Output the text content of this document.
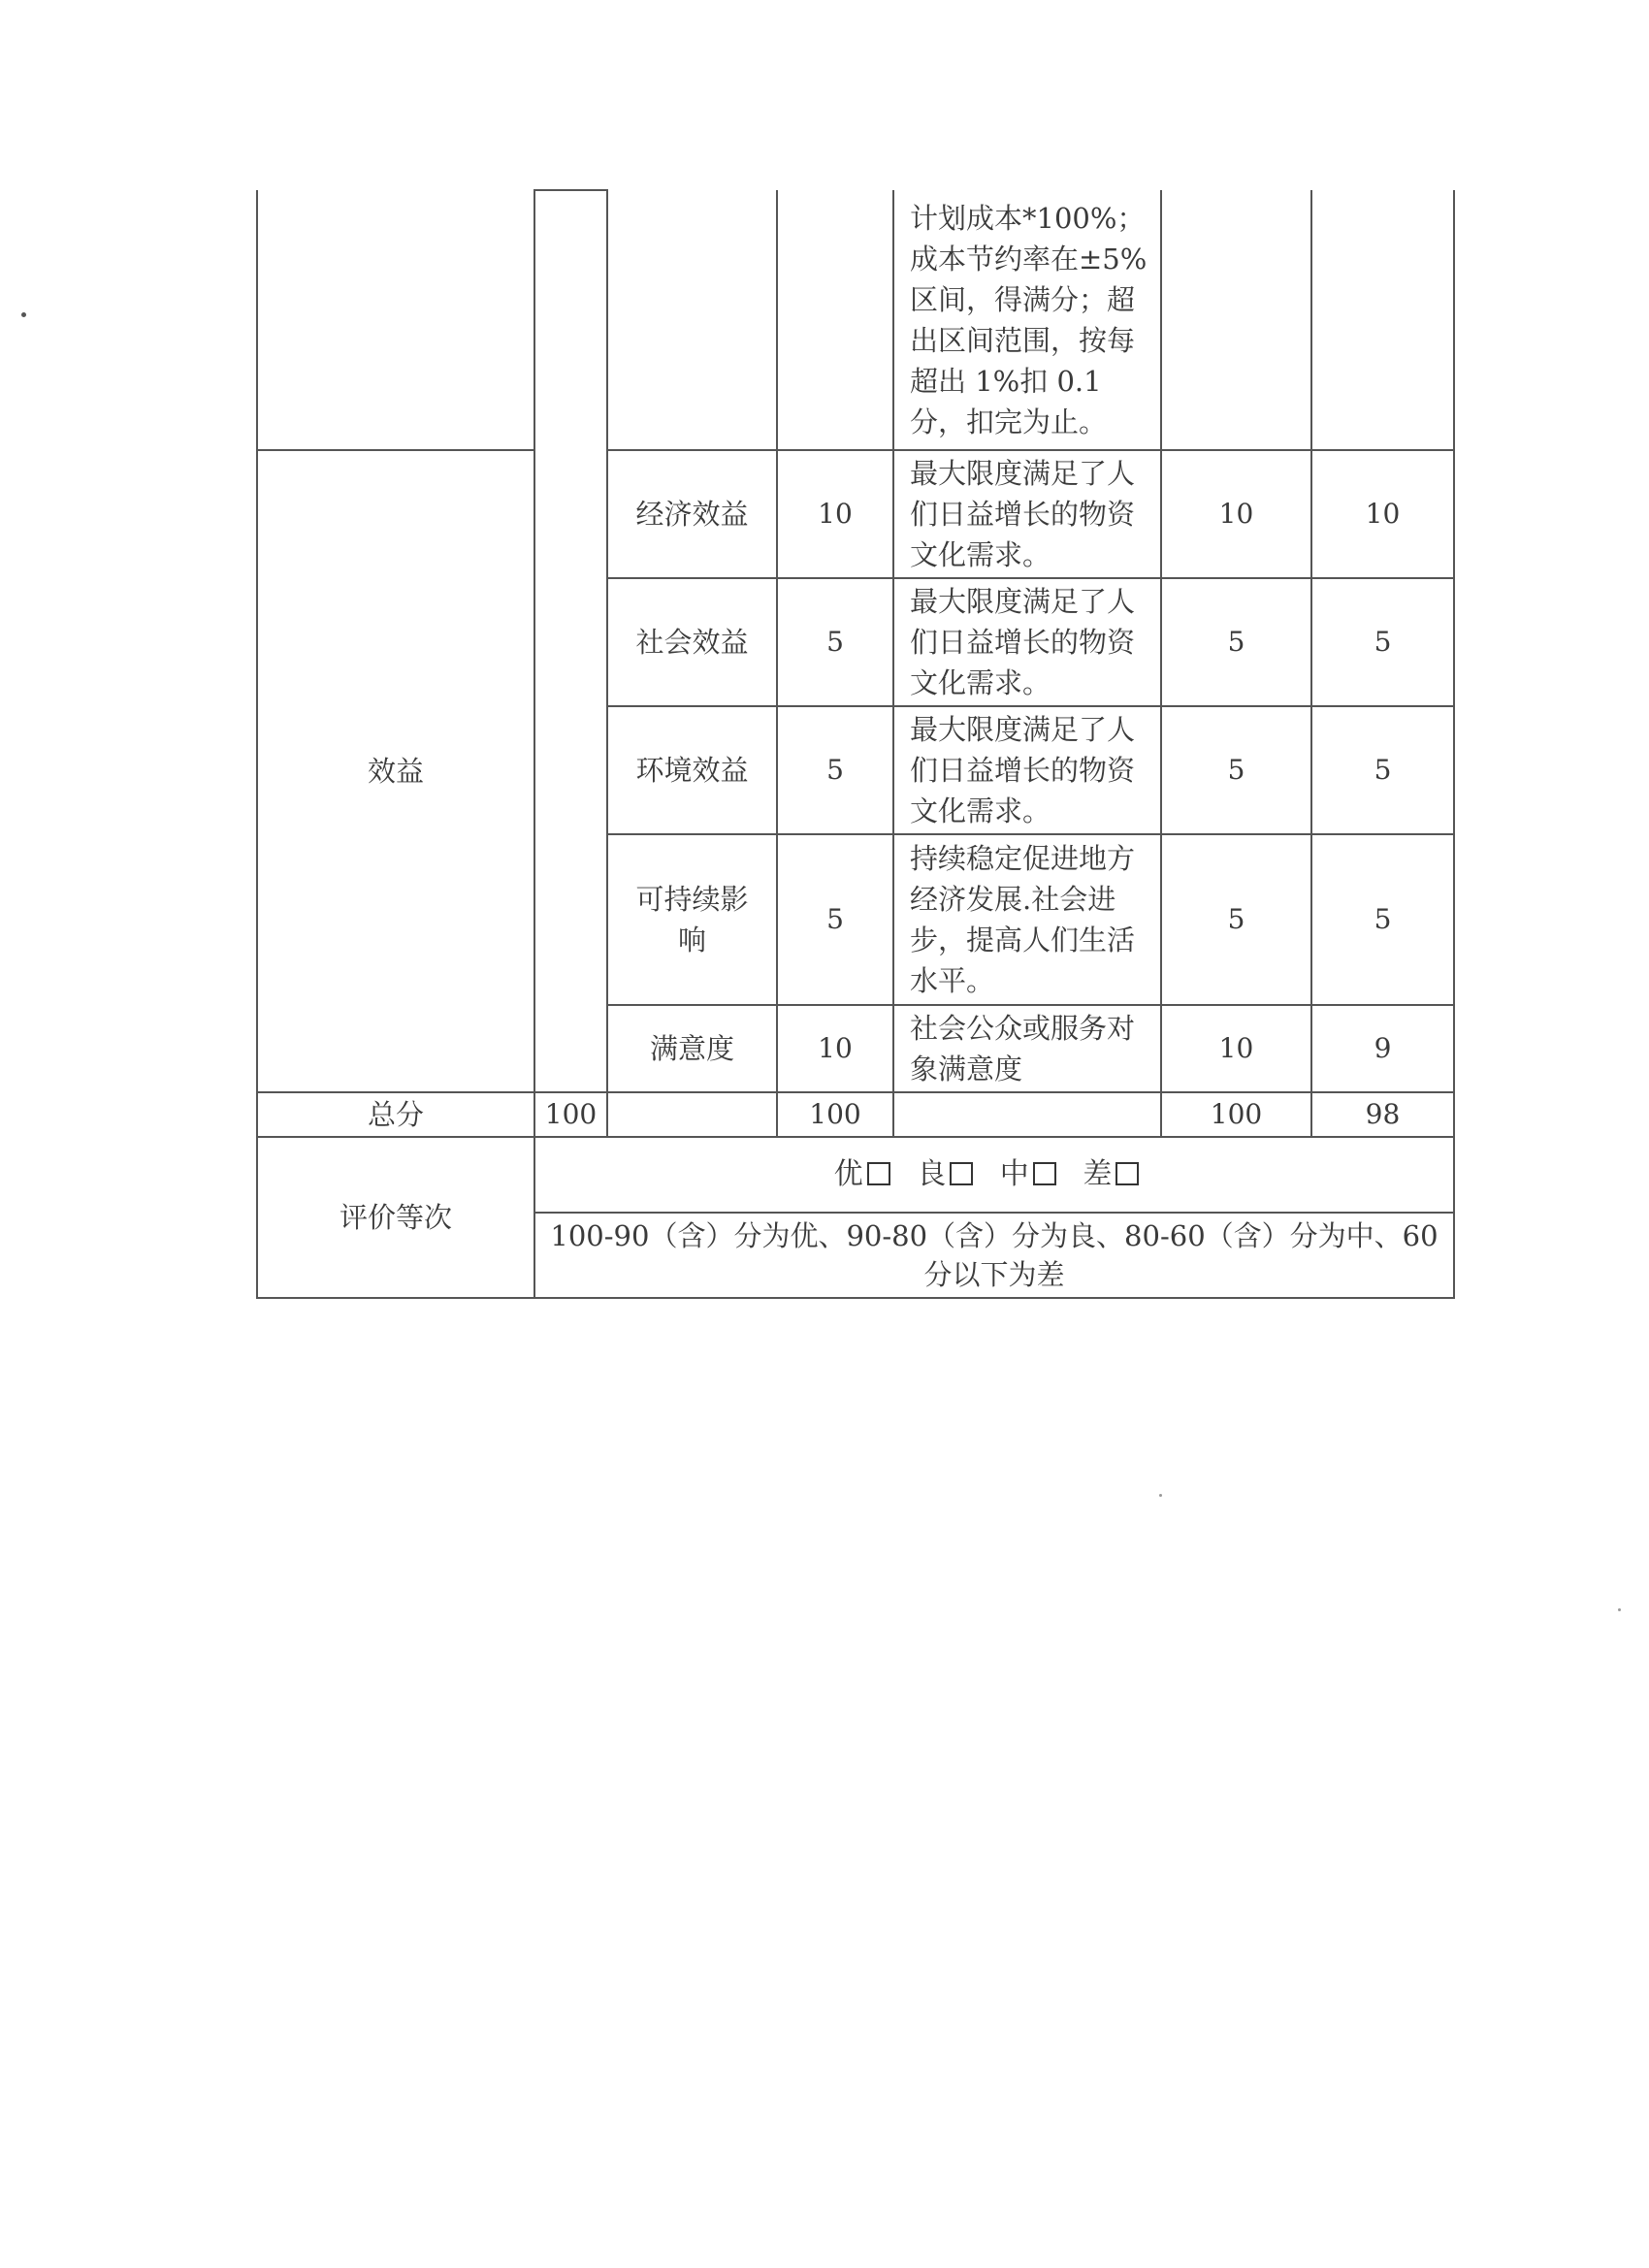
				计划成本*100%；成本节约率在±5%区间，得满分；超出区间范围，按每超出 1%扣 0.1 分，扣完为止。		
效益		经济效益	10	最大限度满足了人们日益增长的物资文化需求。	10	10
		社会效益	5	最大限度满足了人们日益增长的物资文化需求。	5	5
		环境效益	5	最大限度满足了人们日益增长的物资文化需求。	5	5
		可持续影响	5	持续稳定促进地方经济发展.社会进步，提高人们生活水平。	5	5
		满意度	10	社会公众或服务对象满意度	10	9
总分	100		100		100	98
评价等次	优 良 中 差					
	100-90（含）分为优、90-80（含）分为良、80-60（含）分为中、60分以下为差					
